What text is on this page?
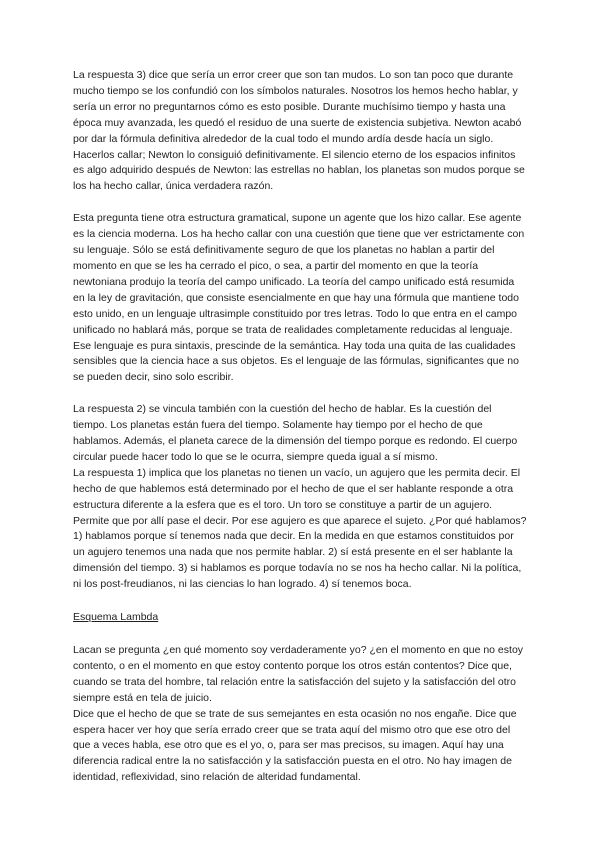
La respuesta 3) dice que sería un error creer que son tan mudos. Lo son tan poco que durante mucho tiempo se los confundió con los símbolos naturales. Nosotros los hemos hecho hablar, y sería un error no preguntarnos cómo es esto posible. Durante muchísimo tiempo y hasta una época muy avanzada, les quedó el residuo de una suerte de existencia subjetiva. Newton acabó por dar la fórmula definitiva alrededor de la cual todo el mundo ardía desde hacía un siglo. Hacerlos callar; Newton lo consiguió definitivamente. El silencio eterno de los espacios infinitos es algo adquirido después de Newton: las estrellas no hablan, los planetas son mudos porque se los ha hecho callar, única verdadera razón.

Esta pregunta tiene otra estructura gramatical, supone un agente que los hizo callar. Ese agente es la ciencia moderna. Los ha hecho callar con una cuestión que tiene que ver estrictamente con su lenguaje. Sólo se está definitivamente seguro de que los planetas no hablan a partir del momento en que se les ha cerrado el pico, o sea, a partir del momento en que la teoría newtoniana produjo la teoría del campo unificado. La teoría del campo unificado está resumida en la ley de gravitación, que consiste esencialmente en que hay una fórmula que mantiene todo esto unido, en un lenguaje ultrasimple constituido por tres letras. Todo lo que entra en el campo unificado no hablará más, porque se trata de realidades completamente reducidas al lenguaje. Ese lenguaje es pura sintaxis, prescinde de la semántica. Hay toda una quita de las cualidades sensibles que la ciencia hace a sus objetos. Es el lenguaje de las fórmulas, significantes que no se pueden decir, sino solo escribir.

La respuesta 2) se vincula también con la cuestión del hecho de hablar. Es la cuestión del tiempo. Los planetas están fuera del tiempo. Solamente hay tiempo por el hecho de que hablamos. Además, el planeta carece de la dimensión del tiempo porque es redondo. El cuerpo circular puede hacer todo lo que se le ocurra, siempre queda igual a sí mismo.

La respuesta 1) implica que los planetas no tienen un vacío, un agujero que les permita decir. El hecho de que hablemos está determinado por el hecho de que el ser hablante responde a otra estructura diferente a la esfera que es el toro. Un toro se constituye a partir de un agujero. Permite que por allí pase el decir. Por ese agujero es que aparece el sujeto. ¿Por qué hablamos? 1) hablamos porque sí tenemos nada que decir. En la medida en que estamos constituidos por un agujero tenemos una nada que nos permite hablar. 2) sí está presente en el ser hablante la dimensión del tiempo. 3) si hablamos es porque todavía no se nos ha hecho callar. Ni la política, ni los post-freudianos, ni las ciencias lo han logrado. 4) sí tenemos boca.

Esquema Lambda

Lacan se pregunta ¿en qué momento soy verdaderamente yo? ¿en el momento en que no estoy contento, o en el momento en que estoy contento porque los otros están contentos? Dice que, cuando se trata del hombre, tal relación entre la satisfacción del sujeto y la satisfacción del otro siempre está en tela de juicio.

Dice que el hecho de que se trate de sus semejantes en esta ocasión no nos engañe. Dice que espera hacer ver hoy que sería errado creer que se trata aquí del mismo otro que ese otro del que a veces habla, ese otro que es el yo, o, para ser mas precisos, su imagen. Aquí hay una diferencia radical entre la no satisfacción y la satisfacción puesta en el otro. No hay imagen de identidad, reflexividad, sino relación de alteridad fundamental.
